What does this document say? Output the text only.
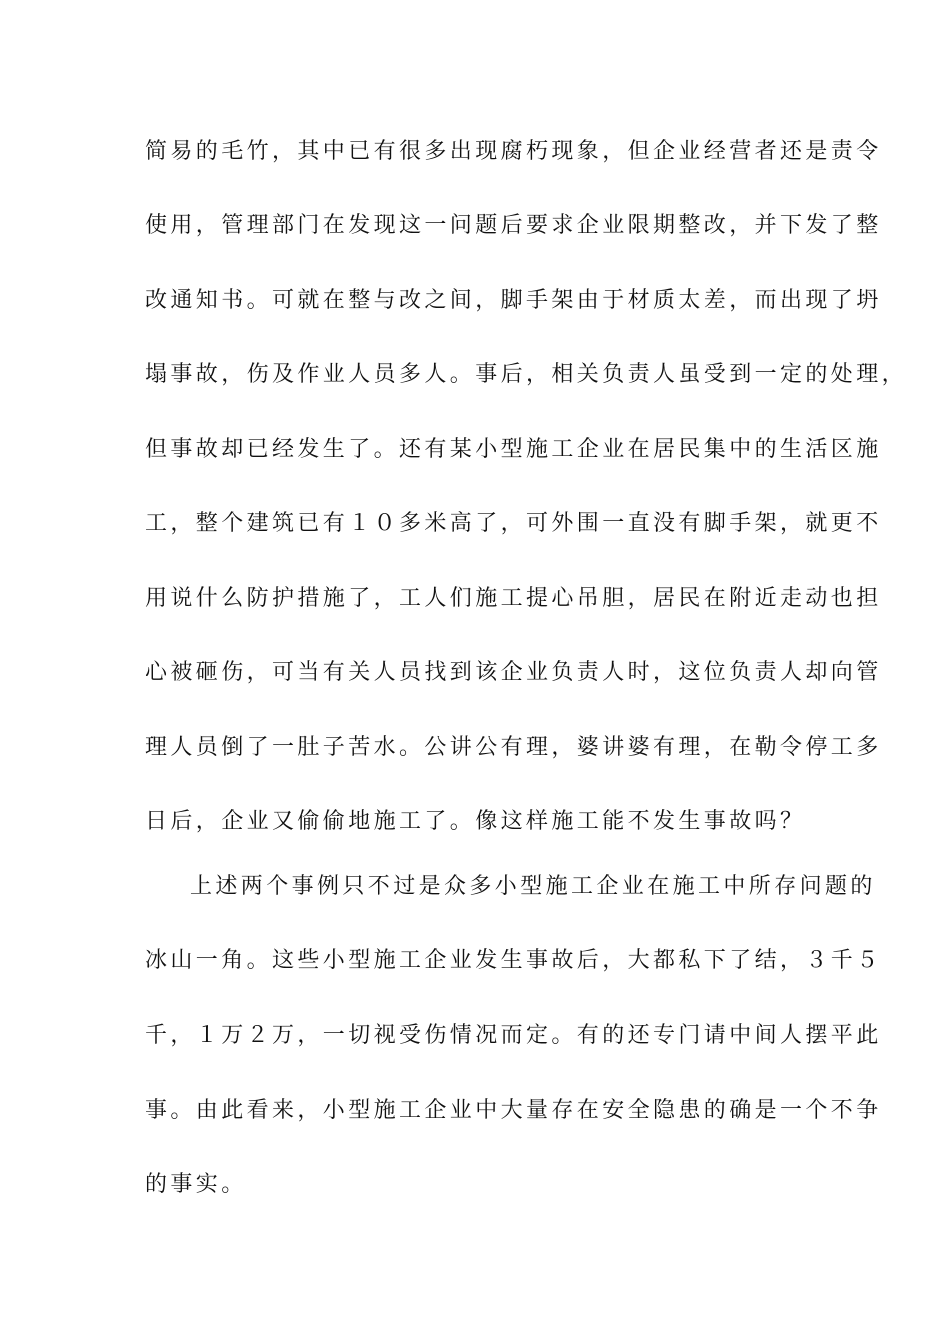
简易的毛竹，其中已有很多出现腐朽现象，但企业经营者还是责令
使用，管理部门在发现这一问题后要求企业限期整改，并下发了整
改通知书。可就在整与改之间，脚手架由于材质太差，而出现了坍
塌事故，伤及作业人员多人。事后，相关负责人虽受到一定的处理，
但事故却已经发生了。还有某小型施工企业在居民集中的生活区施
工，整个建筑已有１０多米高了，可外围一直没有脚手架，就更不
用说什么防护措施了，工人们施工提心吊胆，居民在附近走动也担
心被砸伤，可当有关人员找到该企业负责人时，这位负责人却向管
理人员倒了一肚子苦水。公讲公有理，婆讲婆有理，在勒令停工多
日后，企业又偷偷地施工了。像这样施工能不发生事故吗？
上述两个事例只不过是众多小型施工企业在施工中所存问题的
冰山一角。这些小型施工企业发生事故后，大都私下了结，３千５
千，１万２万，一切视受伤情况而定。有的还专门请中间人摆平此
事。由此看来，小型施工企业中大量存在安全隐患的确是一个不争
的事实。
